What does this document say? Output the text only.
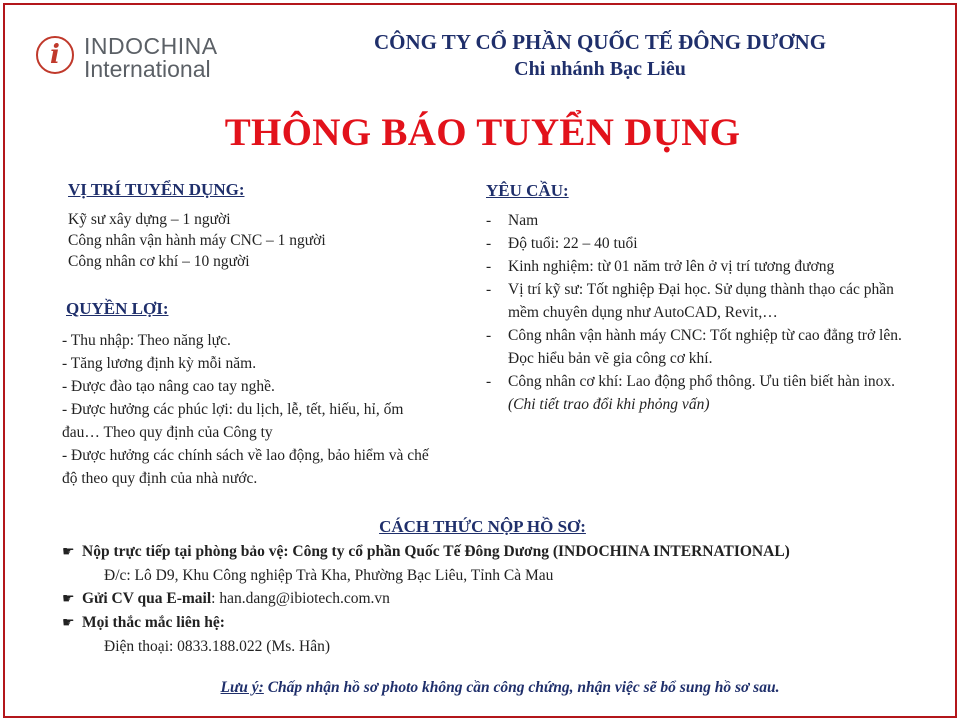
i	INDOCHINA
International
CÔNG TY CỔ PHẦN QUỐC TẾ ĐÔNG DƯƠNG
Chi nhánh Bạc Liêu
THÔNG BÁO TUYỂN DỤNG
VỊ TRÍ TUYỂN DỤNG:
Kỹ sư xây dựng – 1 người
Công nhân vận hành máy CNC – 1 người
Công nhân cơ khí – 10 người
QUYỀN LỢI:
- Thu nhập: Theo năng lực.
- Tăng lương định kỳ mỗi năm.
- Được đào tạo nâng cao tay nghề.
- Được hưởng các phúc lợi: du lịch, lễ, tết, hiếu, hỉ, ốm
đau… Theo quy định của Công ty
- Được hưởng các chính sách về lao động, bảo hiểm và chế
độ theo quy định của nhà nước.
YÊU CẦU:
-	Nam
-	Độ tuổi: 22 – 40 tuổi
-	Kinh nghiệm: từ 01 năm trở lên ở vị trí tương đương
-	Vị trí kỹ sư: Tốt nghiệp Đại học. Sử dụng thành thạo các phần mềm chuyên dụng như AutoCAD, Revit,…
-	Công nhân vận hành máy CNC: Tốt nghiệp từ cao đẳng trở lên. Đọc hiểu bản vẽ gia công cơ khí.
-	Công nhân cơ khí: Lao động phổ thông. Ưu tiên biết hàn inox.
(Chi tiết trao đổi khi phỏng vấn)
CÁCH THỨC NỘP HỒ SƠ:
☛ Nộp trực tiếp tại phòng bảo vệ: Công ty cổ phần Quốc Tế Đông Dương (INDOCHINA INTERNATIONAL)
Đ/c: Lô D9, Khu Công nghiệp Trà Kha, Phường Bạc Liêu, Tỉnh Cà Mau
☛ Gửi CV qua E-mail: han.dang@ibiotech.com.vn
☛ Mọi thắc mắc liên hệ:
Điện thoại: 0833.188.022 (Ms. Hân)
Lưu ý: Chấp nhận hồ sơ photo không cần công chứng, nhận việc sẽ bổ sung hồ sơ sau.
